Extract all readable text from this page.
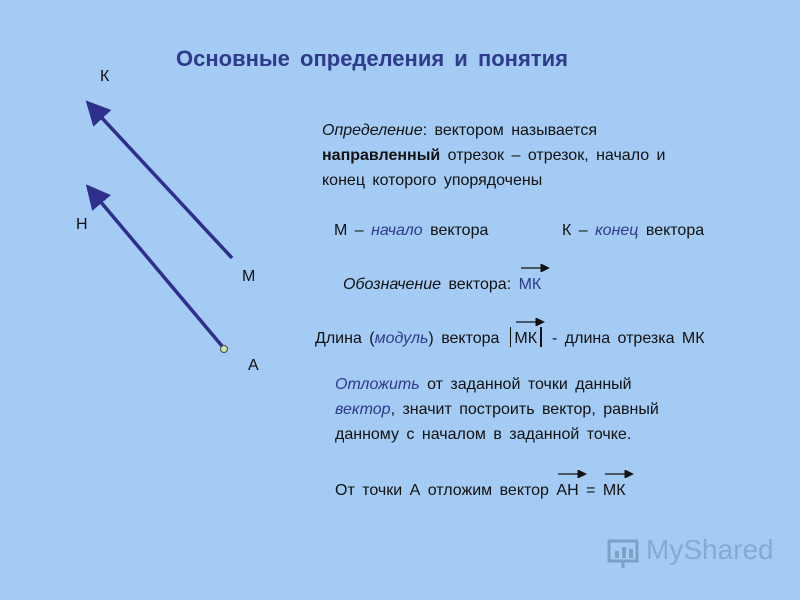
Основные определения и понятия
К
Н
М
А
Определение: вектором называется
направленный отрезок – отрезок, начало и
конец которого упорядочены
М – начало вектора	К – конец вектора
Обозначение вектора:
МК
Длина (модуль) вектора
МК - длина отрезка МК
Отложить от заданной точки данный
вектор, значит построить вектор, равный
данному с началом в заданной точке.
От точки А отложим вектор
АН =
МК
MyShared
